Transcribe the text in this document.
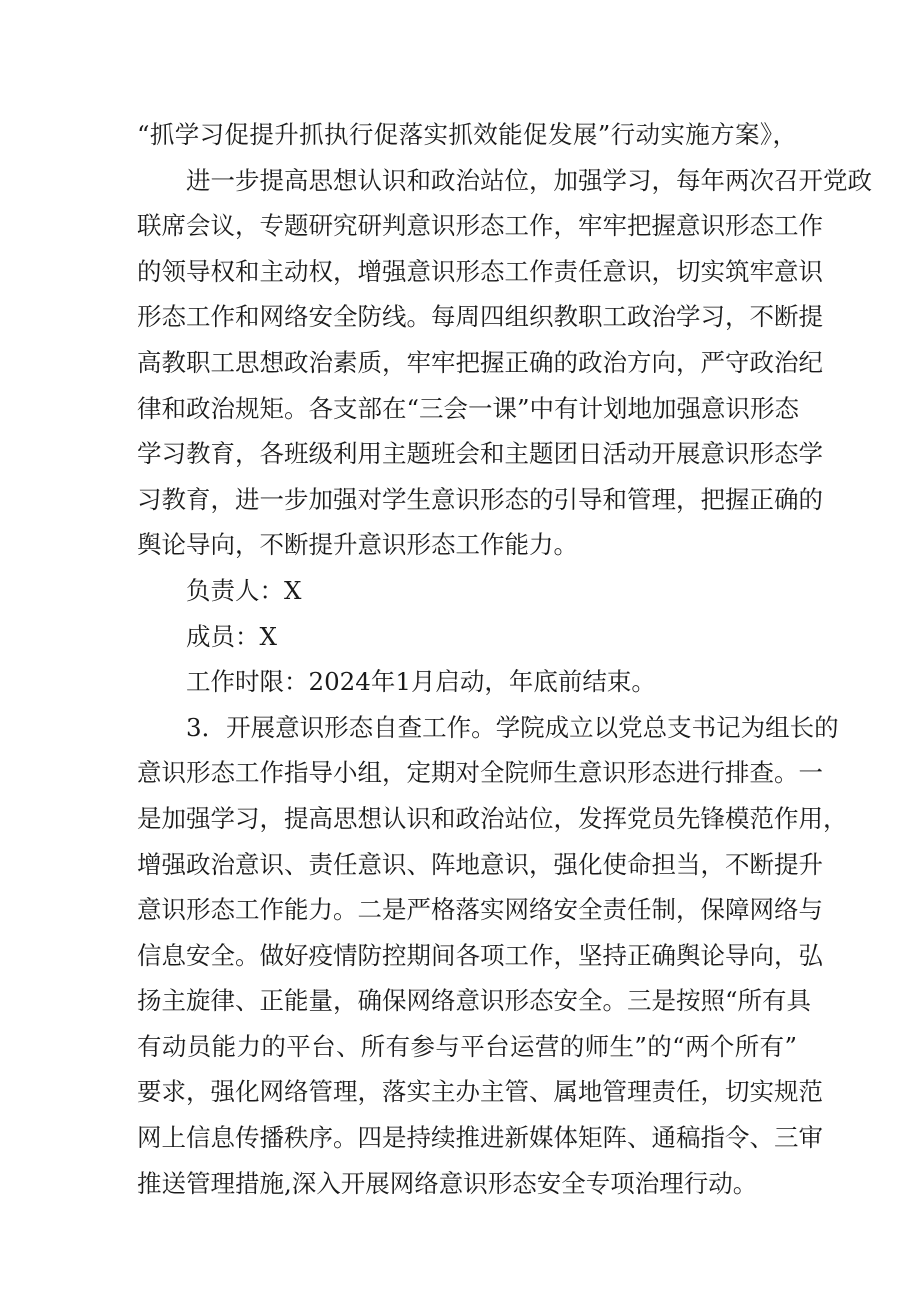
“抓学习促提升抓执行促落实抓效能促发展”行动实施方案》，
进一步提高思想认识和政治站位，加强学习，每年两次召开党政
联席会议，专题研究研判意识形态工作，牢牢把握意识形态工作
的领导权和主动权，增强意识形态工作责任意识，切实筑牢意识
形态工作和网络安全防线。每周四组织教职工政治学习，不断提
高教职工思想政治素质，牢牢把握正确的政治方向，严守政治纪
律和政治规矩。各支部在“三会一课”中有计划地加强意识形态
学习教育，各班级利用主题班会和主题团日活动开展意识形态学
习教育，进一步加强对学生意识形态的引导和管理，把握正确的
舆论导向，不断提升意识形态工作能力。
负责人：X
成员：X
工作时限：2024年1月启动，年底前结束。
3．开展意识形态自查工作。学院成立以党总支书记为组长的
意识形态工作指导小组，定期对全院师生意识形态进行排查。一
是加强学习，提高思想认识和政治站位，发挥党员先锋模范作用，
增强政治意识、责任意识、阵地意识，强化使命担当，不断提升
意识形态工作能力。二是严格落实网络安全责任制，保障网络与
信息安全。做好疫情防控期间各项工作，坚持正确舆论导向，弘
扬主旋律、正能量，确保网络意识形态安全。三是按照“所有具
有动员能力的平台、所有参与平台运营的师生”的“两个所有”
要求，强化网络管理，落实主办主管、属地管理责任，切实规范
网上信息传播秩序。四是持续推进新媒体矩阵、通稿指令、三审
推送管理措施,深入开展网络意识形态安全专项治理行动。
